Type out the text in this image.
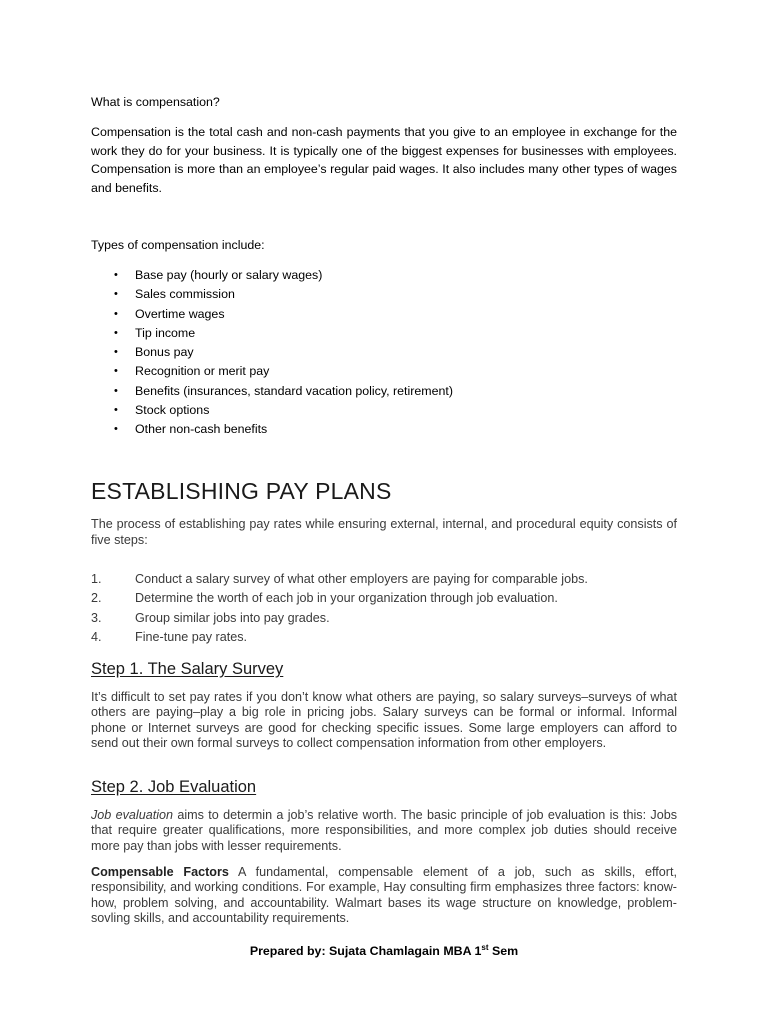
What is compensation?

Compensation is the total cash and non-cash payments that you give to an employee in exchange for the work they do for your business. It is typically one of the biggest expenses for businesses with employees. Compensation is more than an employee’s regular paid wages. It also includes many other types of wages and benefits.

Types of compensation include:

• Base pay (hourly or salary wages)
• Sales commission
• Overtime wages
• Tip income
• Bonus pay
• Recognition or merit pay
• Benefits (insurances, standard vacation policy, retirement)
• Stock options
• Other non-cash benefits
ESTABLISHING PAY PLANS

The process of establishing pay rates while ensuring external, internal, and procedural equity consists of five steps:

1.	Conduct a salary survey of what other employers are paying for comparable jobs.
2.	Determine the worth of each job in your organization through job evaluation.
3.	Group similar jobs into pay grades.
4.	Fine-tune pay rates.
Step 1. The Salary Survey

It’s difficult to set pay rates if you don’t know what others are paying, so salary surveys–surveys of what others are paying–play a big role in pricing jobs. Salary surveys can be formal or informal. Informal phone or Internet surveys are good for checking specific issues. Some large employers can afford to send out their own formal surveys to collect compensation information from other employers.

Step 2. Job Evaluation

Job evaluation aims to determin a job’s relative worth. The basic principle of job evaluation is this: Jobs that require greater qualifications, more responsibilities, and more complex job duties should receive more pay than jobs with lesser requirements.

Compensable Factors A fundamental, compensable element of a job, such as skills, effort, responsibility, and working conditions. For example, Hay consulting firm emphasizes three factors: know-how, problem solving, and accountability. Walmart bases its wage structure on knowledge, problem-sovling skills, and accountability requirements.

Prepared by: Sujata Chamlagain MBA 1st Sem
